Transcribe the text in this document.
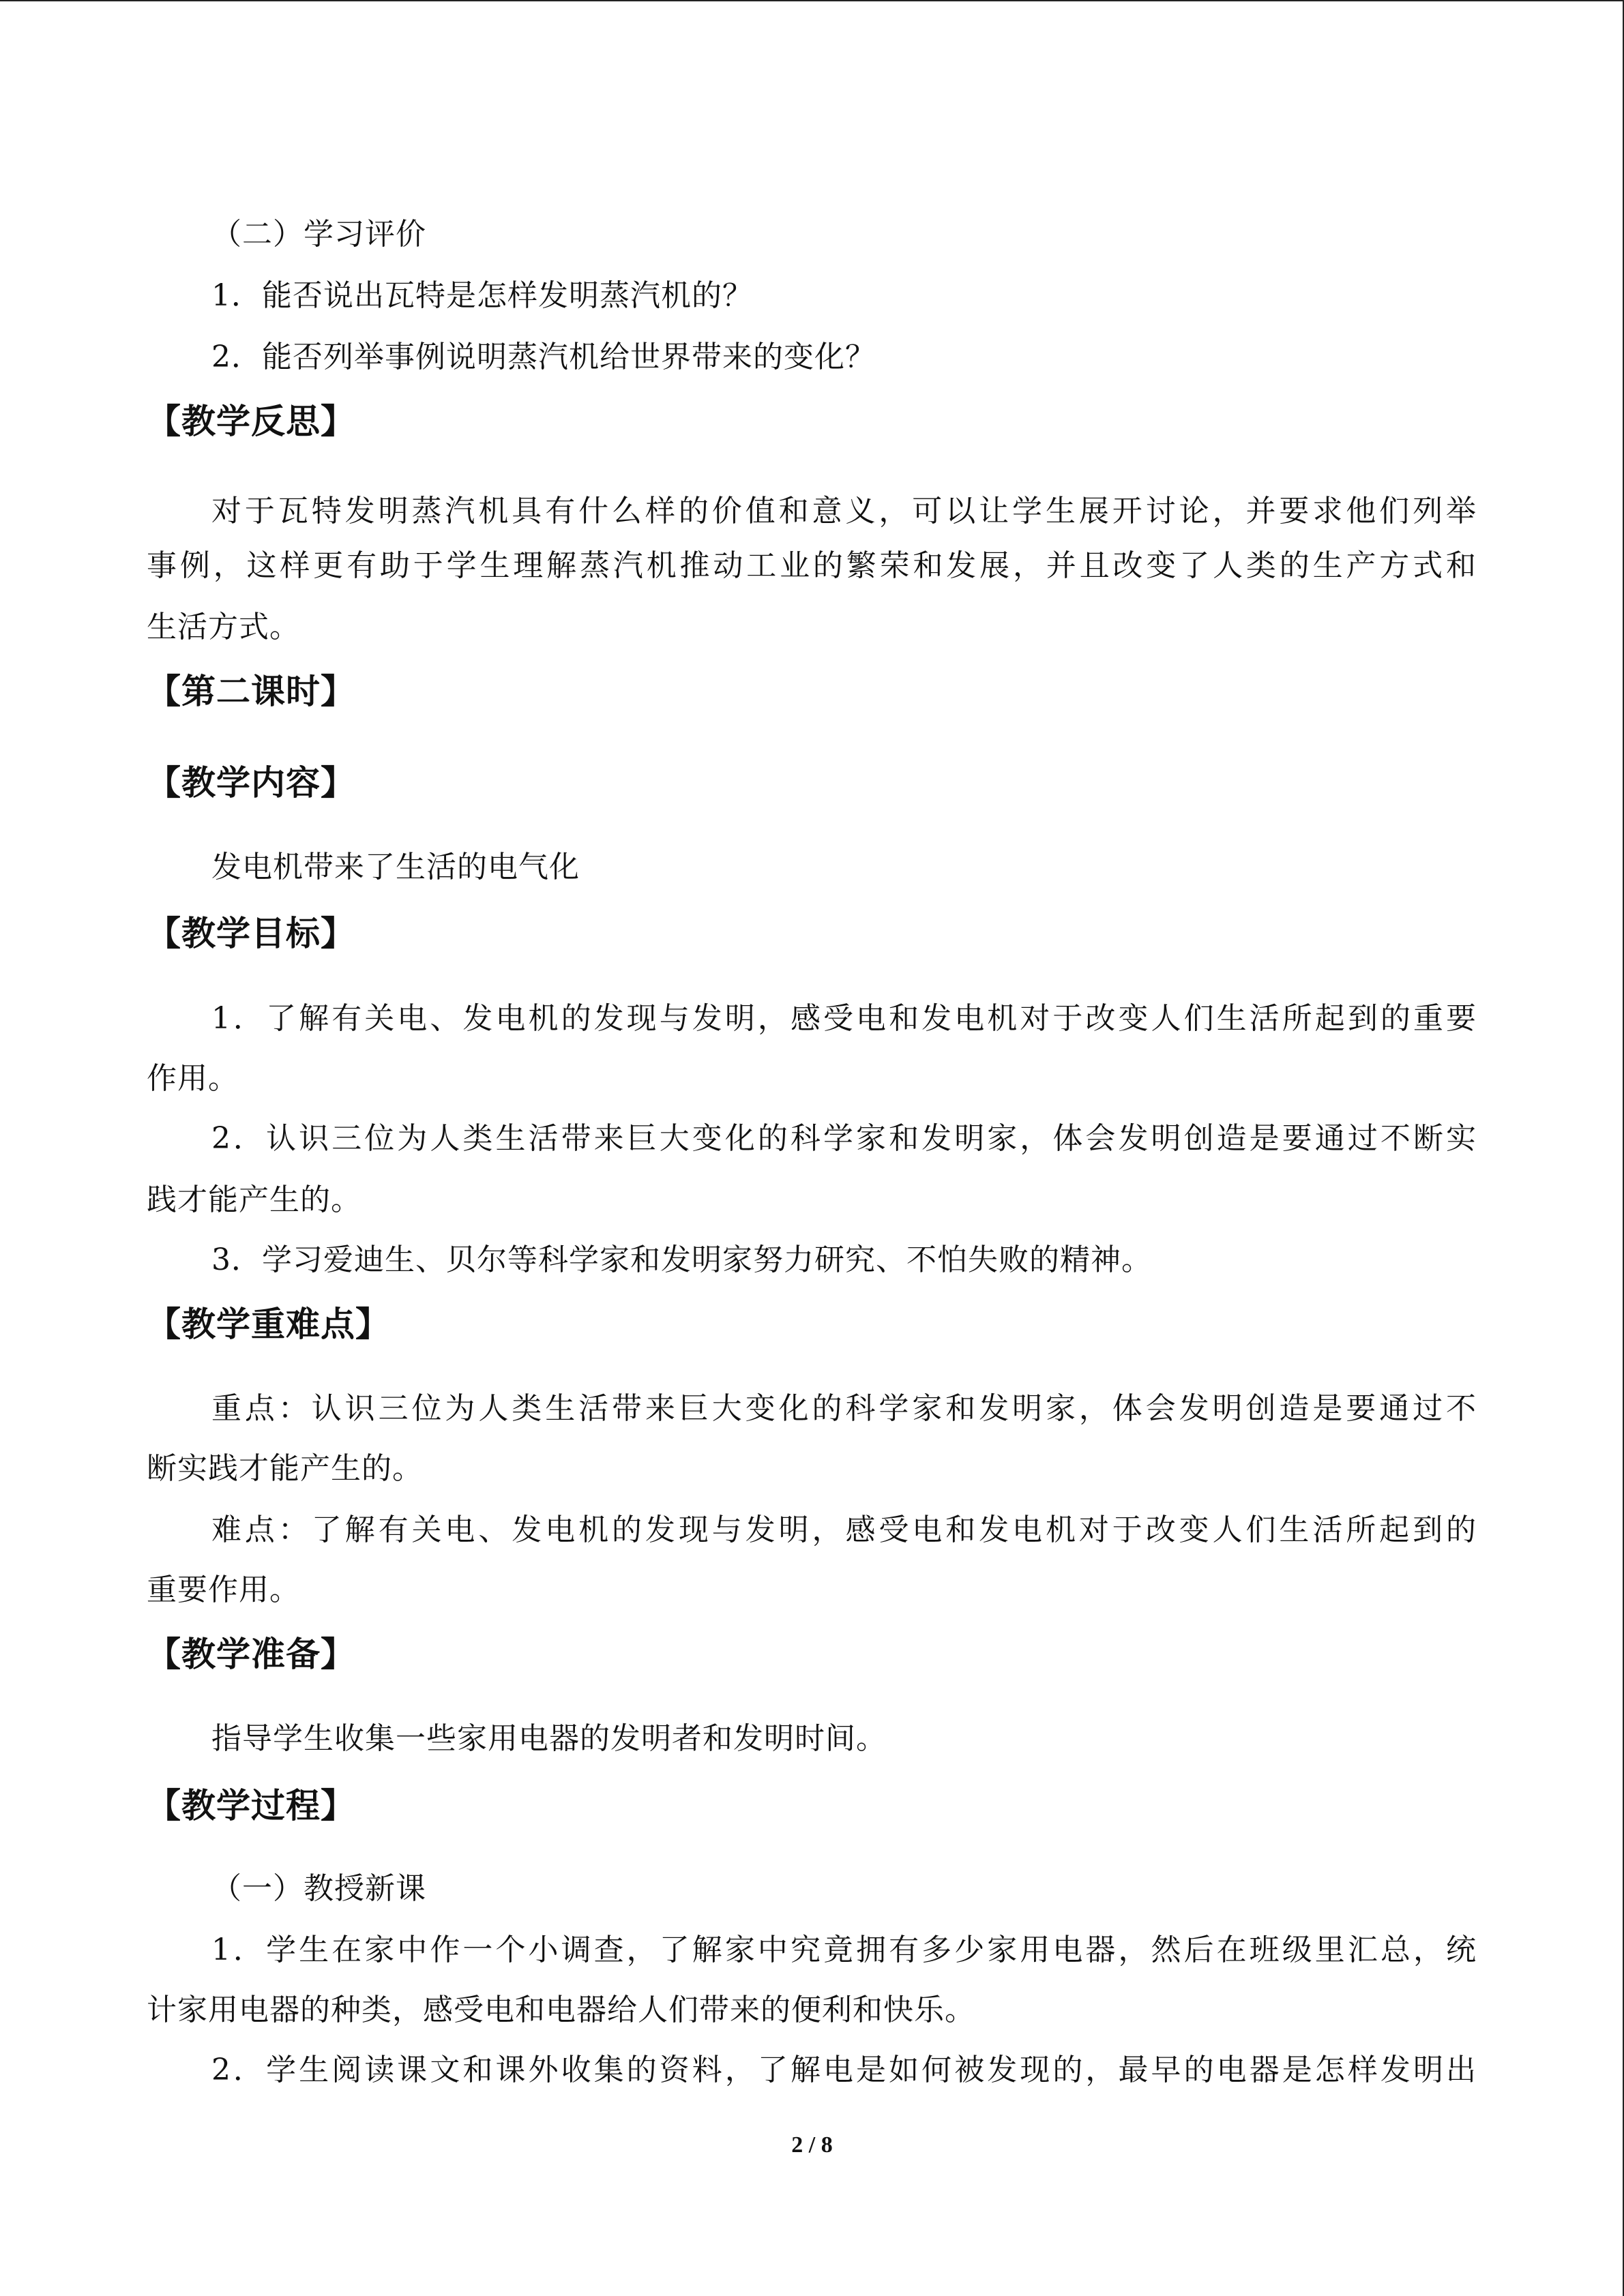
（二）学习评价
1．能否说出瓦特是怎样发明蒸汽机的？
2．能否列举事例说明蒸汽机给世界带来的变化？
【教学反思】
对于瓦特发明蒸汽机具有什么样的价值和意义，可以让学生展开讨论，并要求他们列举
事例，这样更有助于学生理解蒸汽机推动工业的繁荣和发展，并且改变了人类的生产方式和
生活方式。
【第二课时】
【教学内容】
发电机带来了生活的电气化
【教学目标】
1．了解有关电、发电机的发现与发明，感受电和发电机对于改变人们生活所起到的重要
作用。
2．认识三位为人类生活带来巨大变化的科学家和发明家，体会发明创造是要通过不断实
践才能产生的。
3．学习爱迪生、贝尔等科学家和发明家努力研究、不怕失败的精神。
【教学重难点】
重点：认识三位为人类生活带来巨大变化的科学家和发明家，体会发明创造是要通过不
断实践才能产生的。
难点：了解有关电、发电机的发现与发明，感受电和发电机对于改变人们生活所起到的
重要作用。
【教学准备】
指导学生收集一些家用电器的发明者和发明时间。
【教学过程】
（一）教授新课
1．学生在家中作一个小调查，了解家中究竟拥有多少家用电器，然后在班级里汇总，统
计家用电器的种类，感受电和电器给人们带来的便利和快乐。
2．学生阅读课文和课外收集的资料，了解电是如何被发现的，最早的电器是怎样发明出
2 / 8
